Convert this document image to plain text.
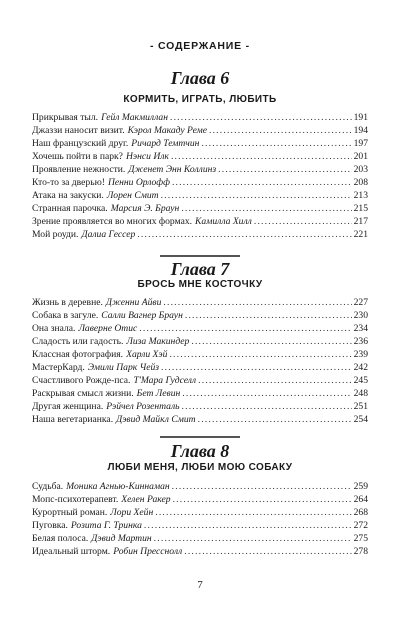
- СОДЕРЖАНИЕ -
Глава 6
КОРМИТЬ, ИГРАТЬ, ЛЮБИТЬ
Прикрывая тыл. Гейл Макмиллан .....	191
Джаззи наносит визит. Кэрол Макаду Реме .....	194
Наш французский друг. Ричард Темтчин .....	197
Хочешь пойти в парк? Нэнси Илк .....	201
Проявление нежности. Дженет Энн Коллинз .....	203
Кто-то за дверью! Пенни Орлофф .....	208
Атака на закуски. Лорен Смит .....	213
Странная парочка. Марсия Э. Браун .....	215
Зрение проявляется во многих формах. Камилла Хилл .....	217
Мой роуди. Далиа Гессер .....	221
Глава 7
БРОСЬ МНЕ КОСТОЧКУ
Жизнь в деревне. Дженни Айви .....	227
Собака в загуле. Салли Вагнер Браун .....	230
Она знала. Лаверне Отис .....	234
Сладость или гадость. Лиза Макиндер .....	236
Классная фотография. Харли Хэй .....	239
МастерКард. Эмили Парк Чейз .....	242
Счастливого Рожде-пса. Т'Мара Гудселл .....	245
Раскрывая смысл жизни. Бет Левин .....	248
Другая женщина. Рэйчел Розенталь .....	251
Наша вегетарианка. Дэвид Майкл Смит .....	254
Глава 8
ЛЮБИ МЕНЯ, ЛЮБИ МОЮ СОБАКУ
Судьба. Моника Агнью-Киннаман .....	259
Мопс-психотерапевт. Хелен Ракер .....	264
Курортный роман. Лори Хейн .....	268
Пуговка. Розита Г. Тринка .....	272
Белая полоса. Дэвид Мартин .....	275
Идеальный шторм. Робин Пресснолл .....	278
7
